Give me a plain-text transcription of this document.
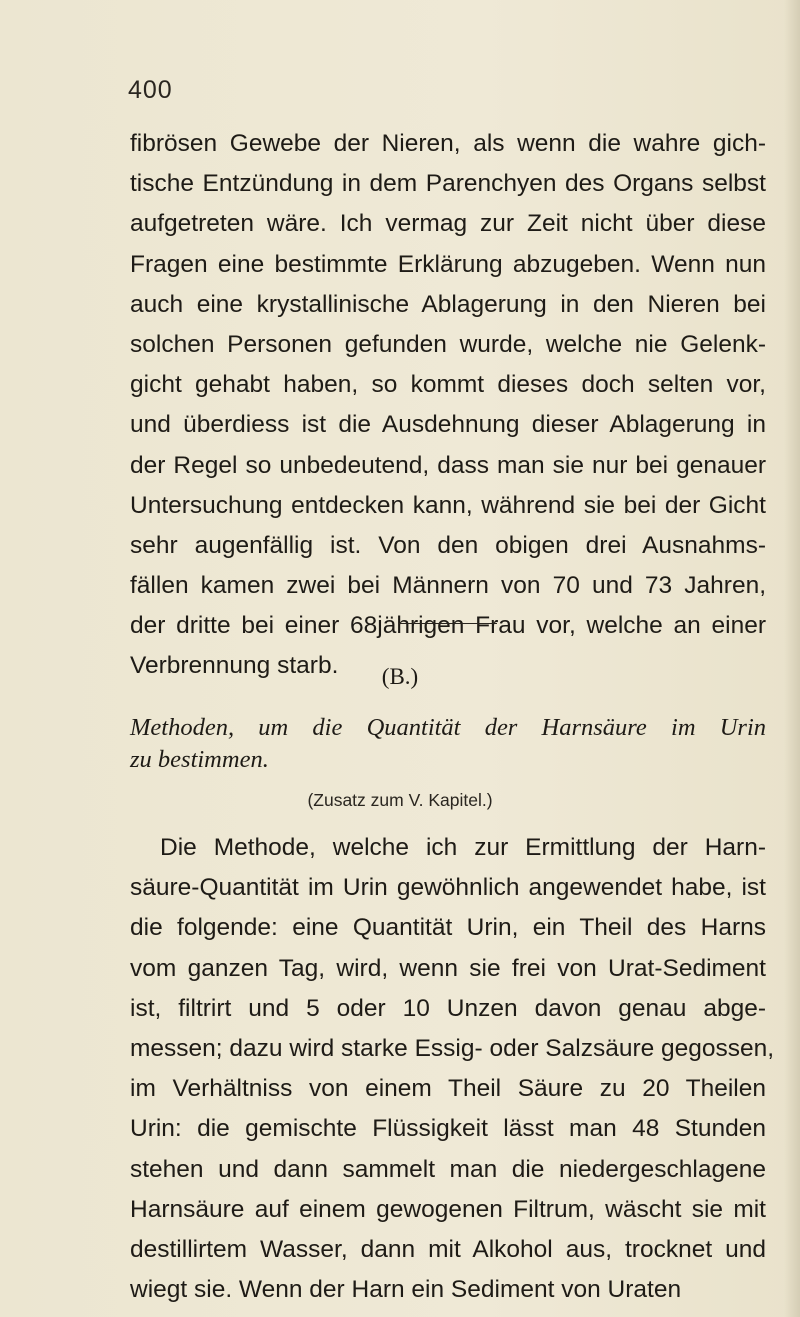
400
fibrösen Gewebe der Nieren, als wenn die wahre gich-
tische Entzündung in dem Parenchyen des Organs selbst
aufgetreten wäre. Ich vermag zur Zeit nicht über diese
Fragen eine bestimmte Erklärung abzugeben. Wenn nun
auch eine krystallinische Ablagerung in den Nieren bei
solchen Personen gefunden wurde, welche nie Gelenk-
gicht gehabt haben, so kommt dieses doch selten vor,
und überdiess ist die Ausdehnung dieser Ablagerung in
der Regel so unbedeutend, dass man sie nur bei genauer
Untersuchung entdecken kann, während sie bei der Gicht
sehr augenfällig ist. Von den obigen drei Ausnahms-
fällen kamen zwei bei Männern von 70 und 73 Jahren,
der dritte bei einer 68jährigen Frau vor, welche an einer
Verbrennung starb.	(B.)
Methoden, um die Quantität der Harnsäure im Urin
zu bestimmen.
(Zusatz zum V. Kapitel.)
Die Methode, welche ich zur Ermittlung der Harn-
säure-Quantität im Urin gewöhnlich angewendet habe, ist
die folgende: eine Quantität Urin, ein Theil des Harns
vom ganzen Tag, wird, wenn sie frei von Urat-Sediment
ist, filtrirt und 5 oder 10 Unzen davon genau abge-
messen; dazu wird starke Essig- oder Salzsäure gegossen,
im Verhältniss von einem Theil Säure zu 20 Theilen
Urin: die gemischte Flüssigkeit lässt man 48 Stunden
stehen und dann sammelt man die niedergeschlagene
Harnsäure auf einem gewogenen Filtrum, wäscht sie mit
destillirtem Wasser, dann mit Alkohol aus, trocknet und
wiegt sie. Wenn der Harn ein Sediment von Uraten
